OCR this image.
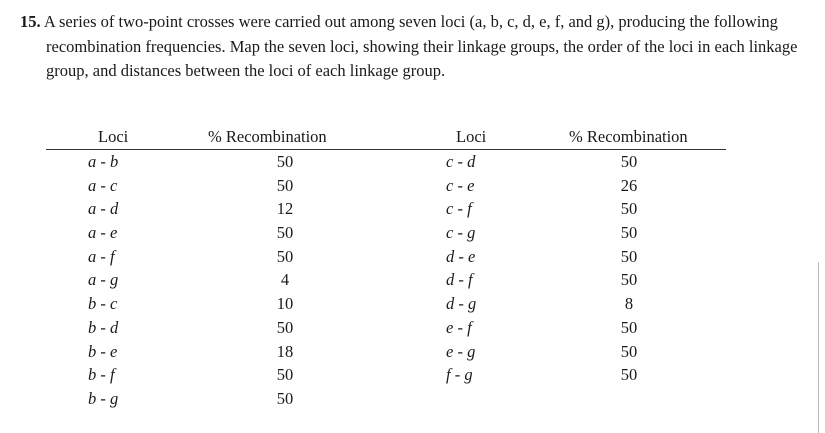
15. A series of two-point crosses were carried out among seven loci (a, b, c, d, e, f, and g), producing the following recombination frequencies. Map the seven loci, showing their linkage groups, the order of the loci in each linkage group, and distances between the loci of each linkage group.
Loci	% Recombination	Loci	% Recombination
a - b	50	c - d	50
a - c	50	c - e	26
a - d	12	c - f	50
a - e	50	c - g	50
a - f	50	d - e	50
a - g	4	d - f	50
b - c	10	d - g	8
b - d	50	e - f	50
b - e	18	e - g	50
b - f	50	f - g	50
b - g	50
